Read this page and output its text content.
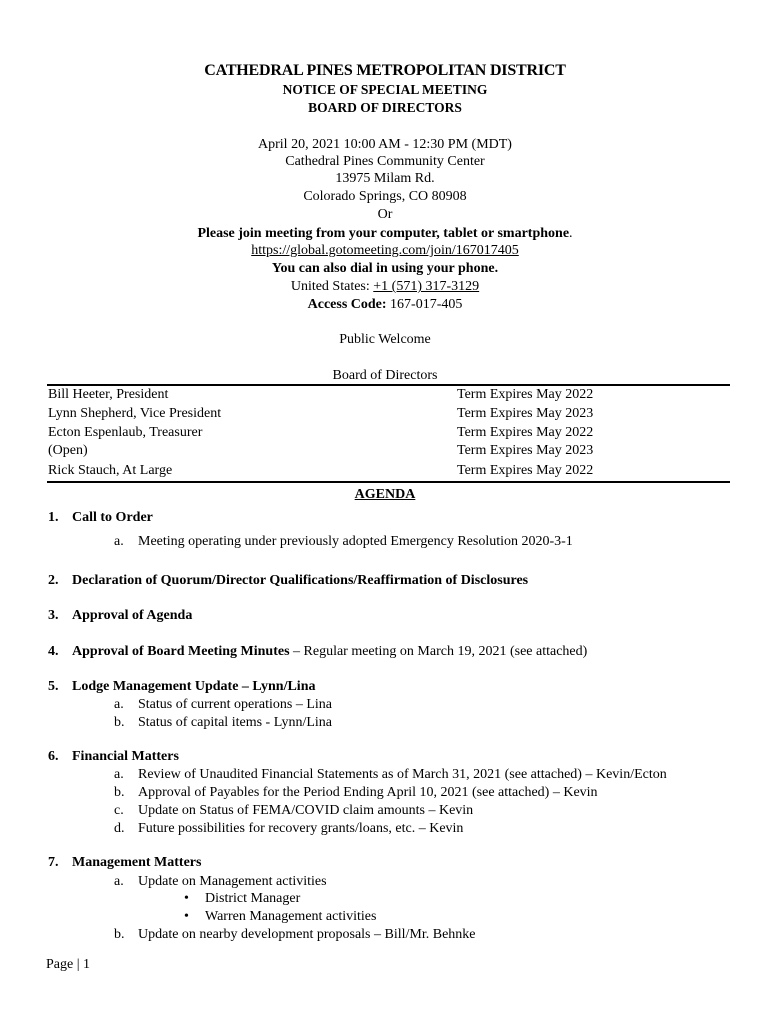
CATHEDRAL PINES METROPOLITAN DISTRICT
NOTICE OF SPECIAL MEETING
BOARD OF DIRECTORS
April 20, 2021 10:00 AM - 12:30 PM (MDT)
Cathedral Pines Community Center
13975 Milam Rd.
Colorado Springs, CO 80908
Or
Please join meeting from your computer, tablet or smartphone.
https://global.gotomeeting.com/join/167017405
You can also dial in using your phone.
United States: +1 (571) 317-3129
Access Code: 167-017-405
Public Welcome
Board of Directors
Bill Heeter, President	Term Expires May 2022
Lynn Shepherd, Vice President	Term Expires May 2023
Ecton Espenlaub, Treasurer	Term Expires May 2022
(Open)	Term Expires May 2023
Rick Stauch, At Large	Term Expires May 2022
AGENDA
1. Call to Order
a. Meeting operating under previously adopted Emergency Resolution 2020-3-1
2. Declaration of Quorum/Director Qualifications/Reaffirmation of Disclosures
3. Approval of Agenda
4. Approval of Board Meeting Minutes – Regular meeting on March 19, 2021 (see attached)
5. Lodge Management Update – Lynn/Lina
a. Status of current operations – Lina
b. Status of capital items - Lynn/Lina
6. Financial Matters
a. Review of Unaudited Financial Statements as of March 31, 2021 (see attached) – Kevin/Ecton
b. Approval of Payables for the Period Ending April 10, 2021 (see attached) – Kevin
c. Update on Status of FEMA/COVID claim amounts – Kevin
d. Future possibilities for recovery grants/loans, etc. – Kevin
7. Management Matters
a. Update on Management activities
• District Manager
• Warren Management activities
b. Update on nearby development proposals – Bill/Mr. Behnke
Page | 1
